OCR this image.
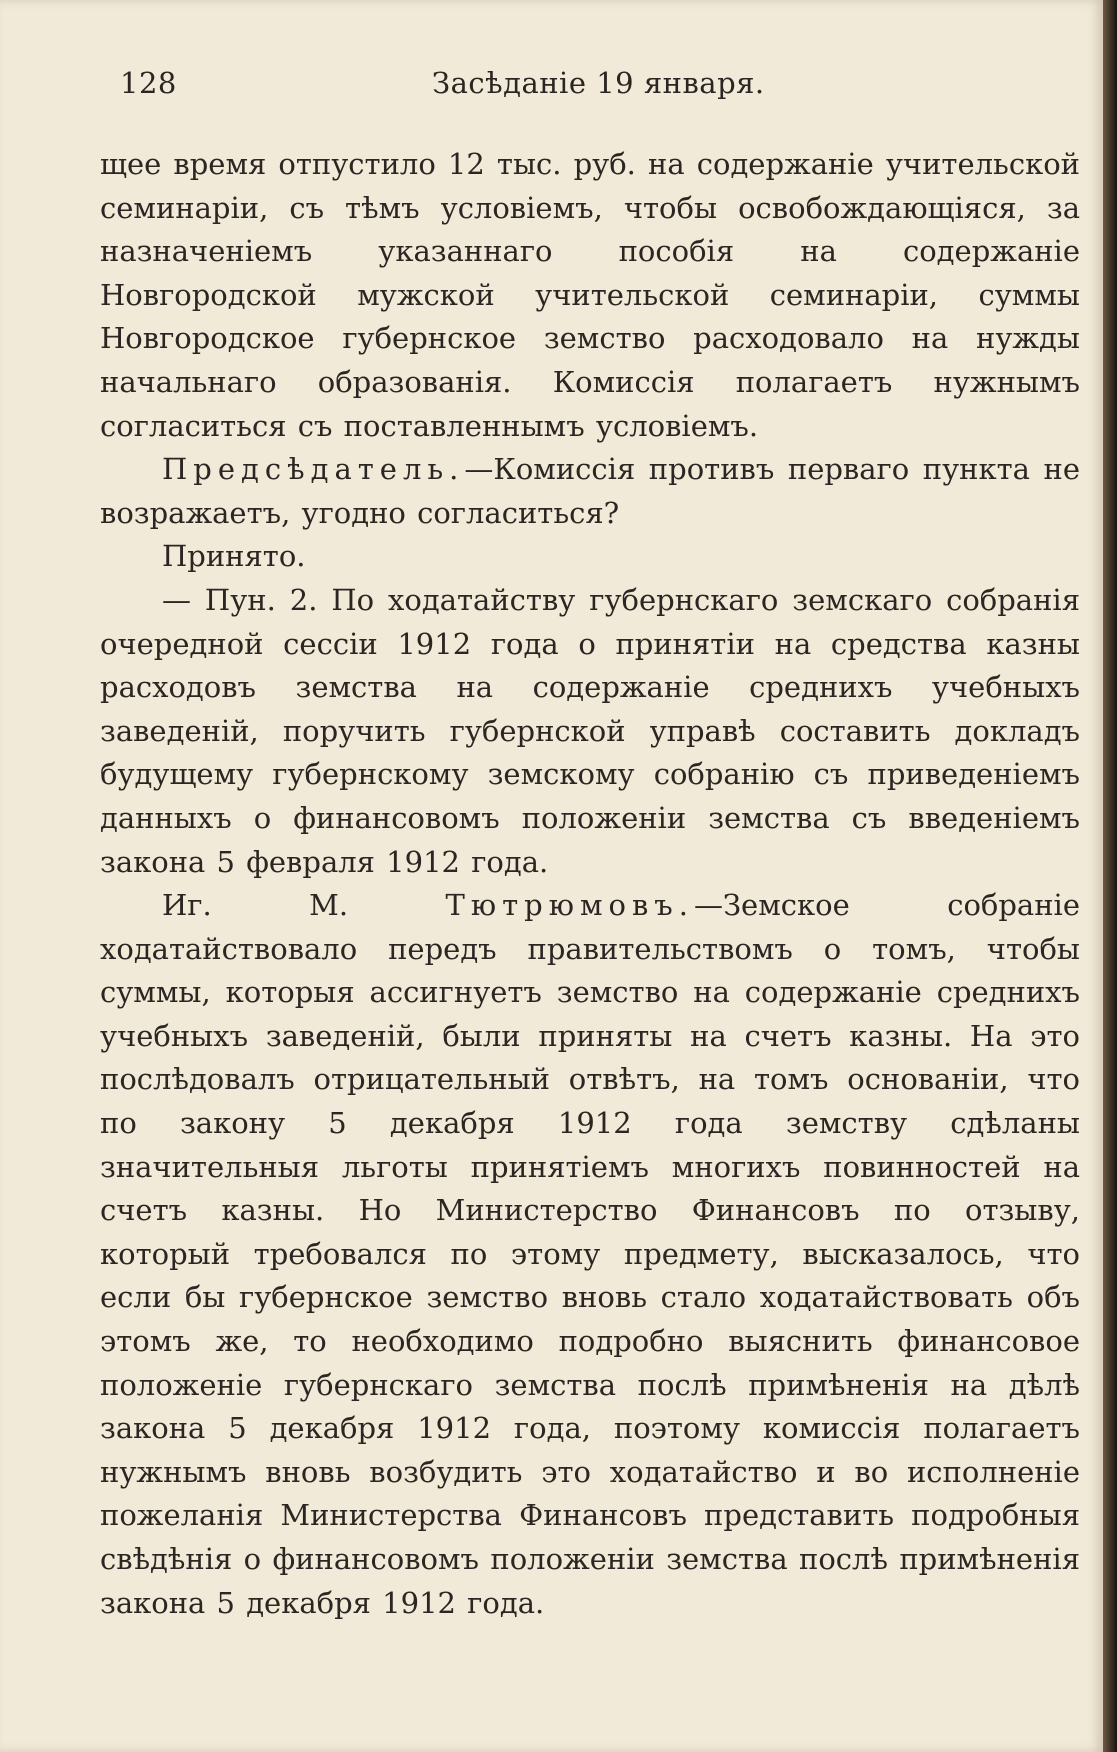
128	Засѣданіе 19 января.

щее время отпустило 12 тыс. руб. на содержаніе учительской семинаріи, съ тѣмъ условіемъ, чтобы освобождающіяся, за назначеніемъ указаннаго пособія на содержаніе Новгородской мужской учительской семинаріи, суммы Новгородское губернское земство расходовало на нужды начальнаго образованія. Комиссія полагаетъ нужнымъ согласиться съ поставленнымъ условіемъ.

Предсѣдатель.—Комиссія противъ перваго пункта не возражаетъ, угодно согласиться?

Принято.

— Пун. 2. По ходатайству губернскаго земскаго собранія очередной сессіи 1912 года о принятіи на средства казны расходовъ земства на содержаніе среднихъ учебныхъ заведеній, поручить губернской управѣ составить докладъ будущему губернскому земскому собранію съ приведеніемъ данныхъ о финансовомъ положеніи земства съ введеніемъ закона 5 февраля 1912 года.

Иг. М.	Тютрюмовъ.—Земское собраніе ходатайствовало передъ правительствомъ о томъ, чтобы суммы, которыя ассигнуетъ земство на содержаніе среднихъ учебныхъ заведеній, были приняты на счетъ казны. На это послѣдовалъ отрицательный отвѣтъ, на томъ основаніи, что по закону 5 декабря 1912 года земству сдѣланы значительныя льготы принятіемъ многихъ повинностей на счетъ казны. Но Министерство Финансовъ по отзыву, который требовался по этому предмету, высказалось, что если бы губернское земство вновь стало ходатайствовать объ этомъ же, то необходимо подробно выяснить финансовое положеніе губернскаго земства послѣ примѣненія на дѣлѣ закона 5 декабря 1912 года, поэтому комиссія полагаетъ нужнымъ вновь возбудить это ходатайство и во исполненіе пожеланія Министерства Финансовъ представить подробныя свѣдѣнія о финансовомъ положеніи земства послѣ примѣненія закона 5 декабря 1912 года.
